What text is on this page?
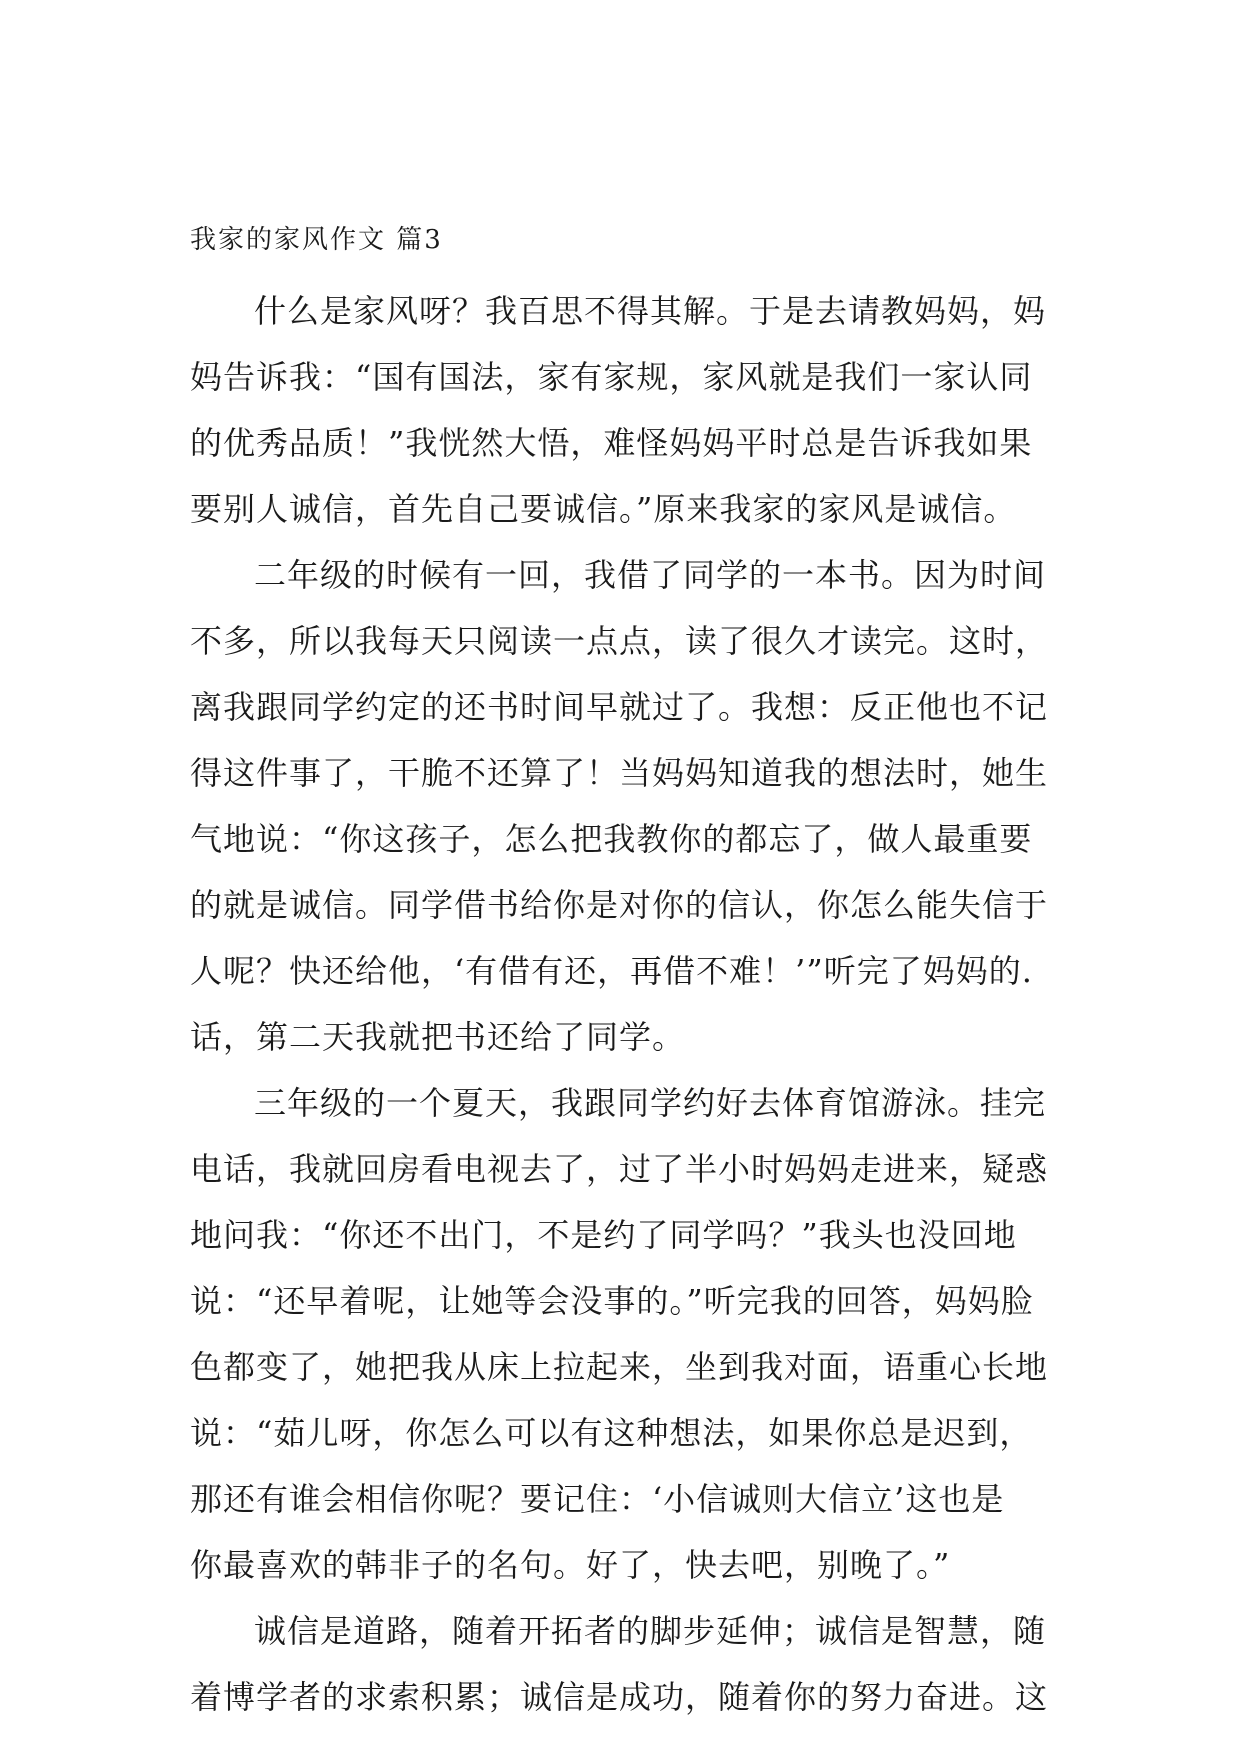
我家的家风作文 篇3
什么是家风呀？我百思不得其解。于是去请教妈妈，妈
妈告诉我：“国有国法，家有家规，家风就是我们一家认同
的优秀品质！”我恍然大悟，难怪妈妈平时总是告诉我如果
要别人诚信，首先自己要诚信。”原来我家的家风是诚信。
二年级的时候有一回，我借了同学的一本书。因为时间
不多，所以我每天只阅读一点点，读了很久才读完。这时，
离我跟同学约定的还书时间早就过了。我想：反正他也不记
得这件事了，干脆不还算了！当妈妈知道我的想法时，她生
气地说：“你这孩子，怎么把我教你的都忘了，做人最重要
的就是诚信。同学借书给你是对你的信认，你怎么能失信于
人呢？快还给他，‘有借有还，再借不难！’”听完了妈妈的.
话，第二天我就把书还给了同学。
三年级的一个夏天，我跟同学约好去体育馆游泳。挂完
电话，我就回房看电视去了，过了半小时妈妈走进来，疑惑
地问我：“你还不出门，不是约了同学吗？”我头也没回地
说：“还早着呢，让她等会没事的。”听完我的回答，妈妈脸
色都变了，她把我从床上拉起来，坐到我对面，语重心长地
说：“茹儿呀，你怎么可以有这种想法，如果你总是迟到，
那还有谁会相信你呢？要记住：‘小信诚则大信立’这也是
你最喜欢的韩非子的名句。好了，快去吧，别晚了。”
诚信是道路，随着开拓者的脚步延伸；诚信是智慧，随
着博学者的求索积累；诚信是成功，随着你的努力奋进。这
